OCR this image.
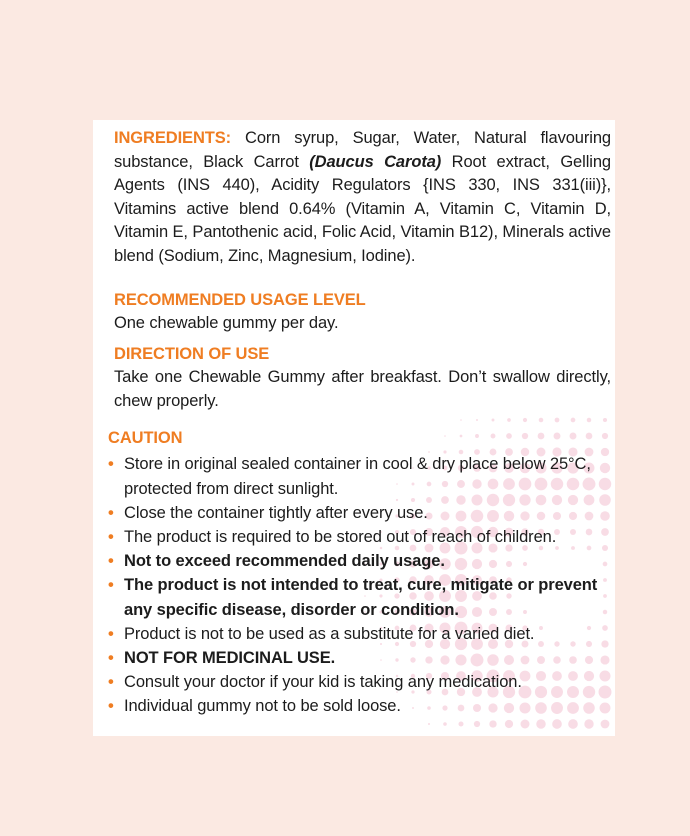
INGREDIENTS: Corn syrup, Sugar, Water, Natural flavouring substance, Black Carrot (Daucus Carota) Root extract, Gelling Agents (INS 440), Acidity Regulators {INS 330, INS 331(iii)}, Vitamins active blend 0.64% (Vitamin A, Vitamin C, Vitamin D, Vitamin E, Pantothenic acid, Folic Acid, Vitamin B12), Minerals active blend (Sodium, Zinc, Magnesium, Iodine).

RECOMMENDED USAGE LEVEL

One chewable gummy per day.

DIRECTION OF USE

Take one Chewable Gummy after breakfast. Don’t swallow directly, chew properly.

CAUTION
• Store in original sealed container in cool & dry place below 25°C, protected from direct sunlight.
• Close the container tightly after every use.
• The product is required to be stored out of reach of children.
• Not to exceed recommended daily usage.
• The product is not intended to treat, cure, mitigate or prevent any specific disease, disorder or condition.
• Product is not to be used as a substitute for a varied diet.
• NOT FOR MEDICINAL USE.
• Consult your doctor if your kid is taking any medication.
• Individual gummy not to be sold loose.
